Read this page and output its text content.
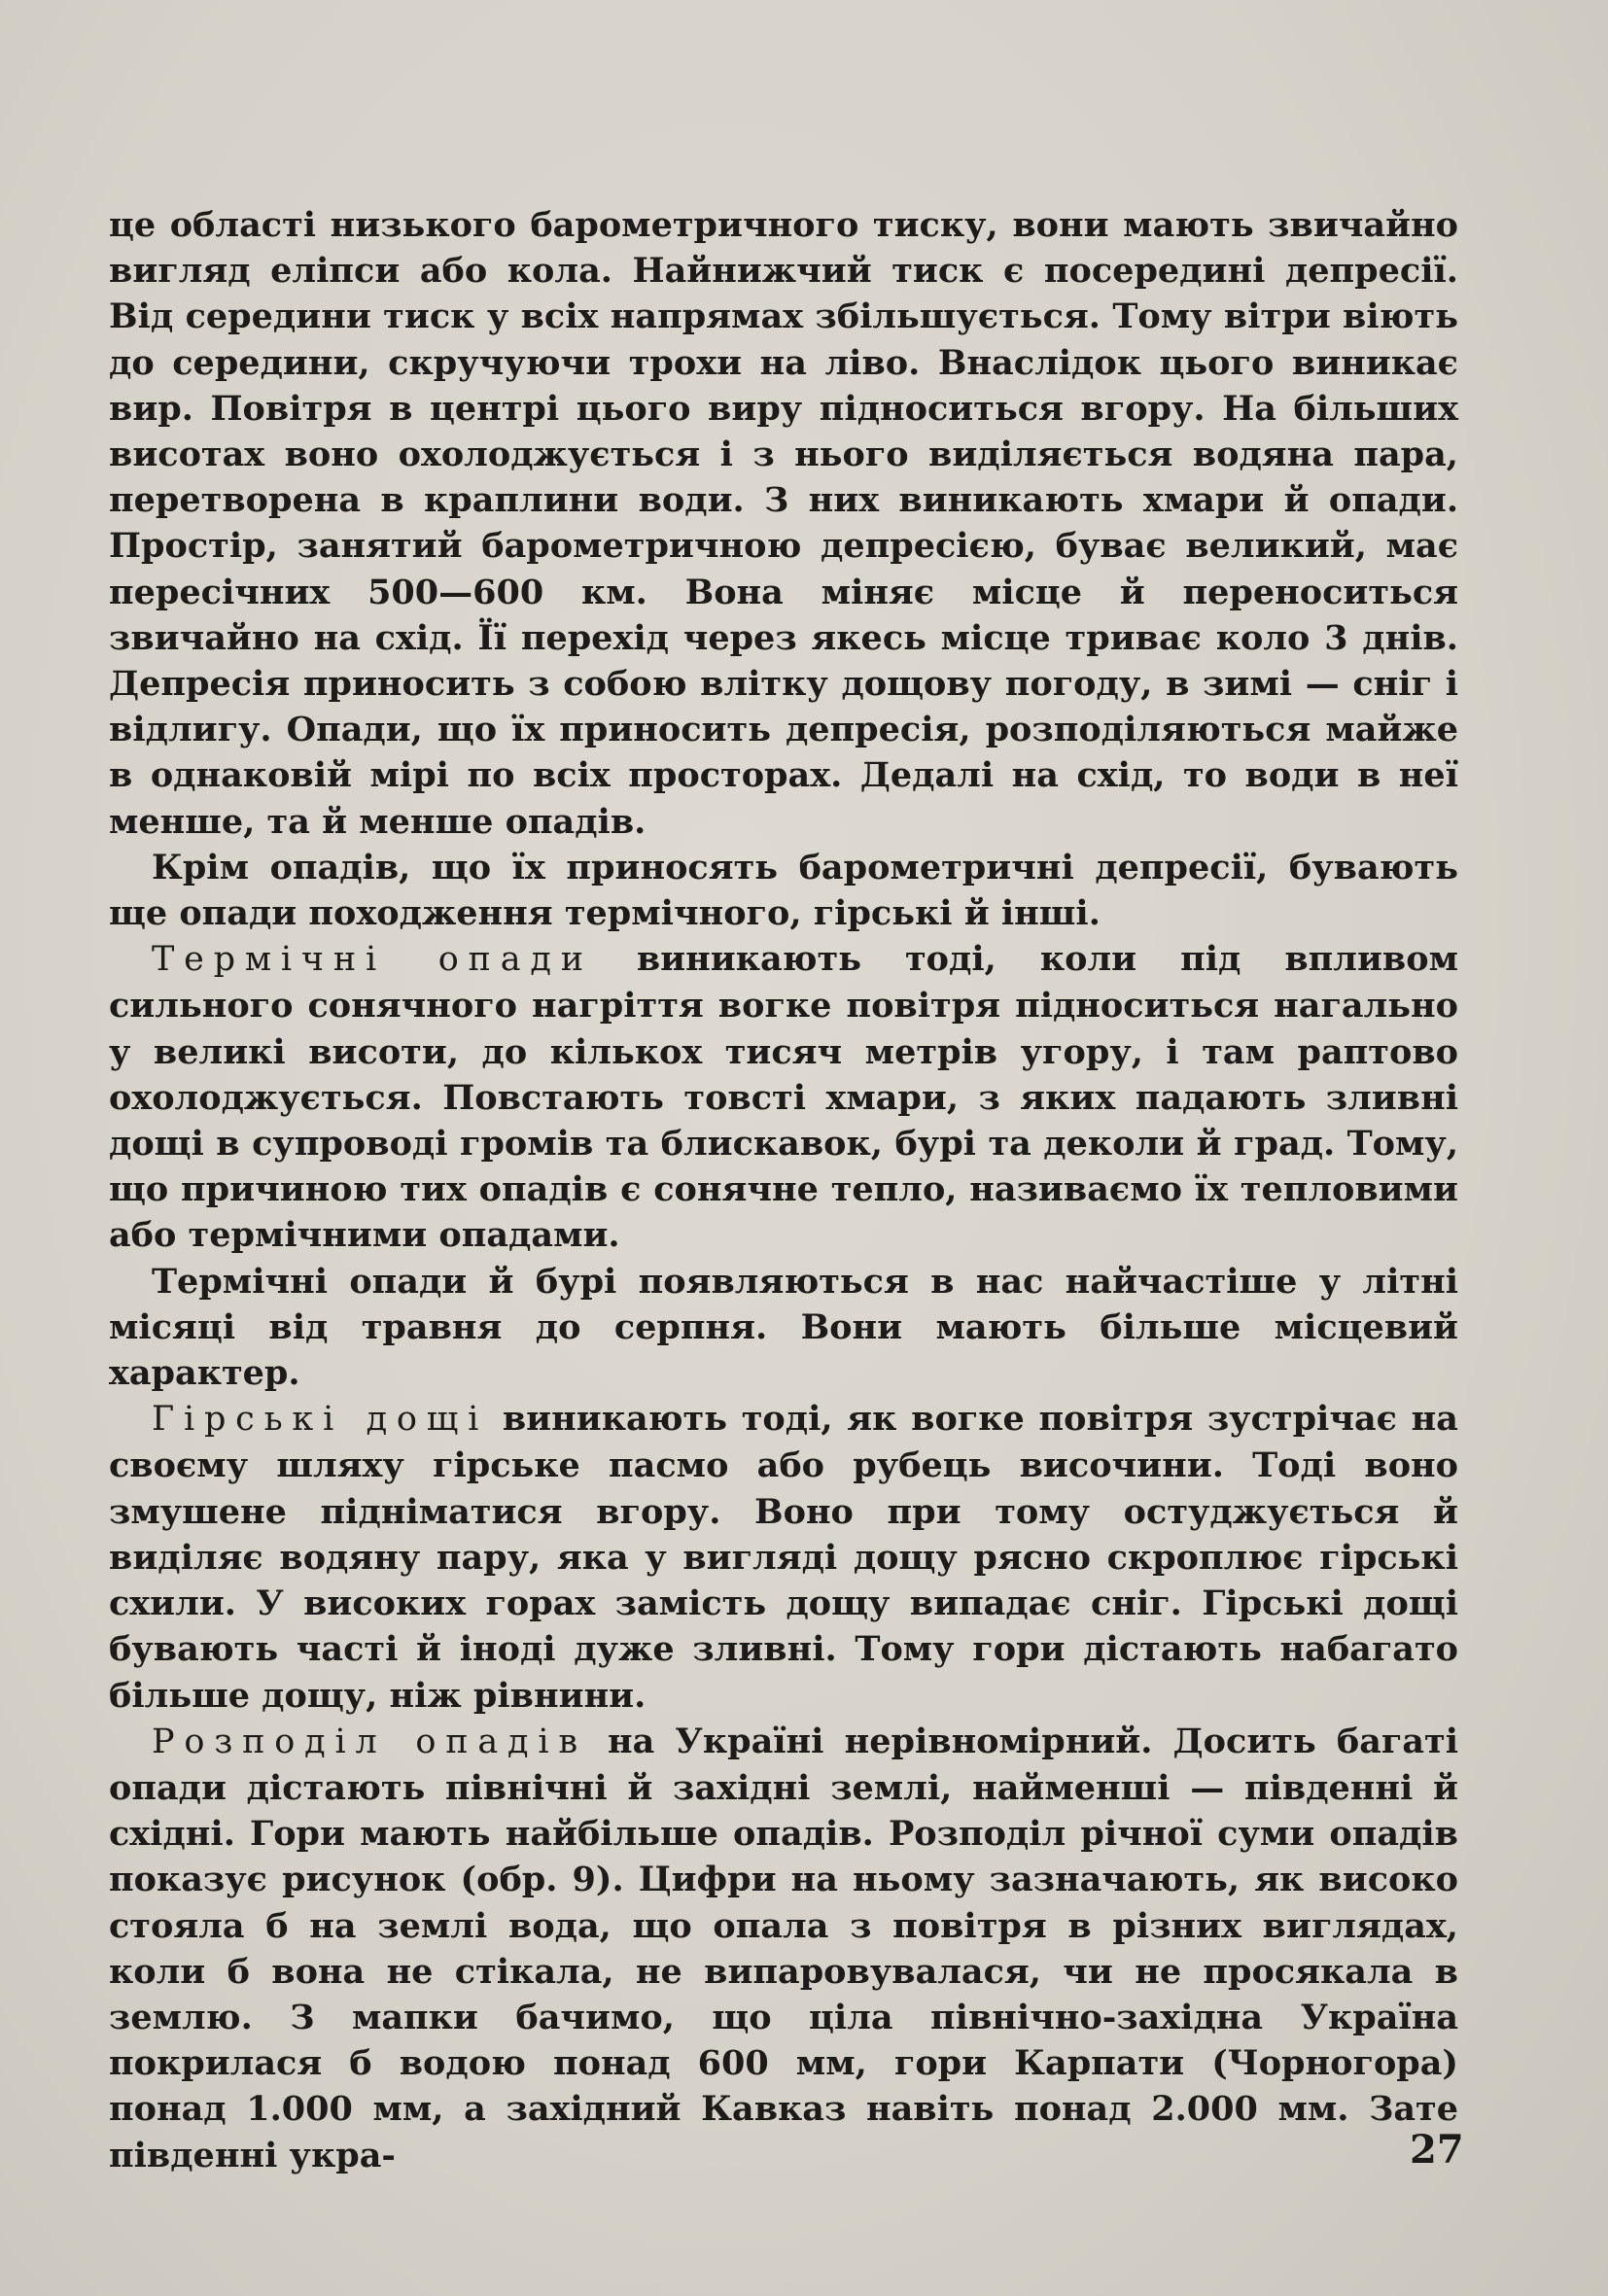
це області низького барометричного тиску, вони мають звичайно вигляд еліпси або кола. Найнижчий тиск є посередині депресії. Від середини тиск у всіх напрямах збільшується. Тому вітри віють до середини, скручуючи трохи на ліво. Внаслідок цього виникає вир. Повітря в центрі цього виру підноситься вгору. На більших висотах воно охолоджується і з нього виділяється водяна пара, перетворена в краплини води. З них виникають хмари й опади. Простір, занятий барометричною депресією, буває великий, має пересічних 500—600 км. Вона міняє місце й переноситься звичайно на схід. Її перехід через якесь місце триває коло 3 днів. Депресія приносить з собою влітку дощову погоду, в зимі — сніг і відлигу. Опади, що їх приносить депресія, розподіляються майже в однаковій мірі по всіх просторах. Дедалі на схід, то води в неї менше, та й менше опадів.

Крім опадів, що їх приносять барометричні депресії, бувають ще опади походження термічного, гірські й інші.

Термічні опади виникають тоді, коли під впливом сильного сонячного нагріття вогке повітря підноситься нагально у великі висоти, до кількох тисяч метрів угору, і там раптово охолоджується. Повстають товсті хмари, з яких падають зливні дощі в супроводі громів та блискавок, бурі та деколи й град. Тому, що причиною тих опадів є сонячне тепло, називаємо їх тепловими або термічними опадами.

Термічні опади й бурі появляються в нас найчастіше у літні місяці від травня до серпня. Вони мають більше місцевий характер.

Гірські дощі виникають тоді, як вогке повітря зустрічає на своєму шляху гірське пасмо або рубець височини. Тоді воно змушене підніматися вгору. Воно при тому остуджується й виділяє водяну пару, яка у вигляді дощу рясно скроплює гірські схили. У високих горах замість дощу випадає сніг. Гірські дощі бувають часті й іноді дуже зливні. Тому гори дістають набагато більше дощу, ніж рівнини.

Розподіл опадів на Україні нерівномірний. Досить багаті опади дістають північні й західні землі, найменші — південні й східні. Гори мають найбільше опадів. Розподіл річної суми опадів показує рисунок (обр. 9). Цифри на ньому зазначають, як високо стояла б на землі вода, що опала з повітря в різних виглядах, коли б вона не стікала, не випаровувалася, чи не просякала в землю. З мапки бачимо, що ціла північно-західна Україна покрилася б водою понад 600 мм, гори Карпати (Чорногора) понад 1.000 мм, а західний Кавказ навіть понад 2.000 мм. Зате південні укра-	27
